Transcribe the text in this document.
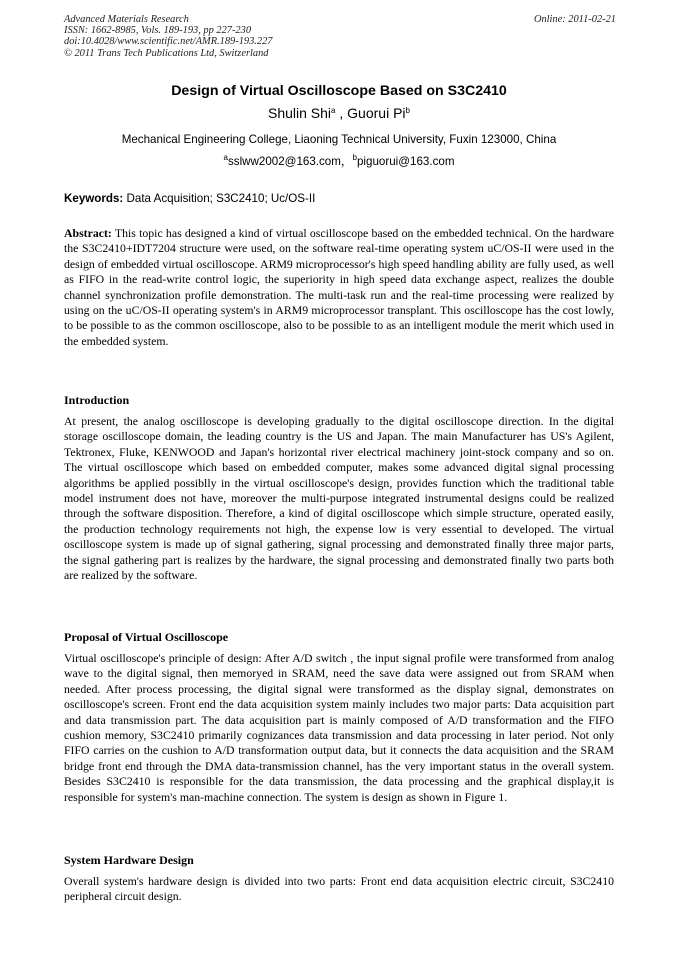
Advanced Materials Research
ISSN: 1662-8985, Vols. 189-193, pp 227-230
doi:10.4028/www.scientific.net/AMR.189-193.227
© 2011 Trans Tech Publications Ltd, Switzerland
Online: 2011-02-21
Design of Virtual Oscilloscope Based on S3C2410
Shulin Shi$^a$ , Guorui Pi$^b$
Mechanical Engineering College, Liaoning Technical University, Fuxin 123000, China
$^a$sslww2002@163.com，$^b$piguorui@163.com
Keywords: Data Acquisition; S3C2410; Uc/OS-II

Abstract: This topic has designed a kind of virtual oscilloscope based on the embedded technical. On the hardware the S3C2410+IDT7204 structure were used, on the software real-time operating system uC/OS-II were used in the design of embedded virtual oscilloscope. ARM9 microprocessor's high speed handling ability are fully used, as well as FIFO in the read-write control logic, the superiority in high speed data exchange aspect, realizes the double channel synchronization profile demonstration. The multi-task run and the real-time processing were realized by using on the uC/OS-II operating system's in ARM9 microprocessor transplant. This oscilloscope has the cost lowly, to be possible to as the common oscilloscope, also to be possible to as an intelligent module the merit which used in the embedded system.

Introduction

At present, the analog oscilloscope is developing gradually to the digital oscilloscope direction. In the digital storage oscilloscope domain, the leading country is the US and Japan. The main Manufacturer has US's Agilent, Tektronex, Fluke, KENWOOD and Japan's horizontal river electrical machinery joint-stock company and so on. The virtual oscilloscope which based on embedded computer, makes some advanced digital signal processing algorithms be applied possiblly in the virtual oscilloscope's design, provides function which the traditional table model instrument does not have, moreover the multi-purpose integrated instrumental designs could be realized through the software disposition. Therefore, a kind of digital oscilloscope which simple structure, operated easily, the production technology requirements not high, the expense low is very essential to developed. The virtual oscilloscope system is made up of signal gathering, signal processing and demonstrated finally three major parts, the signal gathering part is realizes by the hardware, the signal processing and demonstrated finally two parts both are realized by the software.

Proposal of Virtual Oscilloscope

Virtual oscilloscope's principle of design: After A/D switch , the input signal profile were transformed from analog wave to the digital signal, then memoryed in SRAM, need the save data were assigned out from SRAM when needed. After process processing, the digital signal were transformed as the display signal, demonstrates on oscilloscope's screen. Front end the data acquisition system mainly includes two major parts: Data acquisition part and data transmission part. The data acquisition part is mainly composed of A/D transformation and the FIFO cushion memory, S3C2410 primarily cognizances data transmission and data processing in later period. Not only FIFO carries on the cushion to A/D transformation output data, but it connects the data acquisition and the SRAM bridge front end through the DMA data-transmission channel, has the very important status in the overall system. Besides S3C2410 is responsible for the data transmission, the data processing and the graphical display,it is responsible for system's man-machine connection. The system is design as shown in Figure 1.

System Hardware Design

Overall system's hardware design is divided into two parts: Front end data acquisition electric circuit, S3C2410 peripheral circuit design.
